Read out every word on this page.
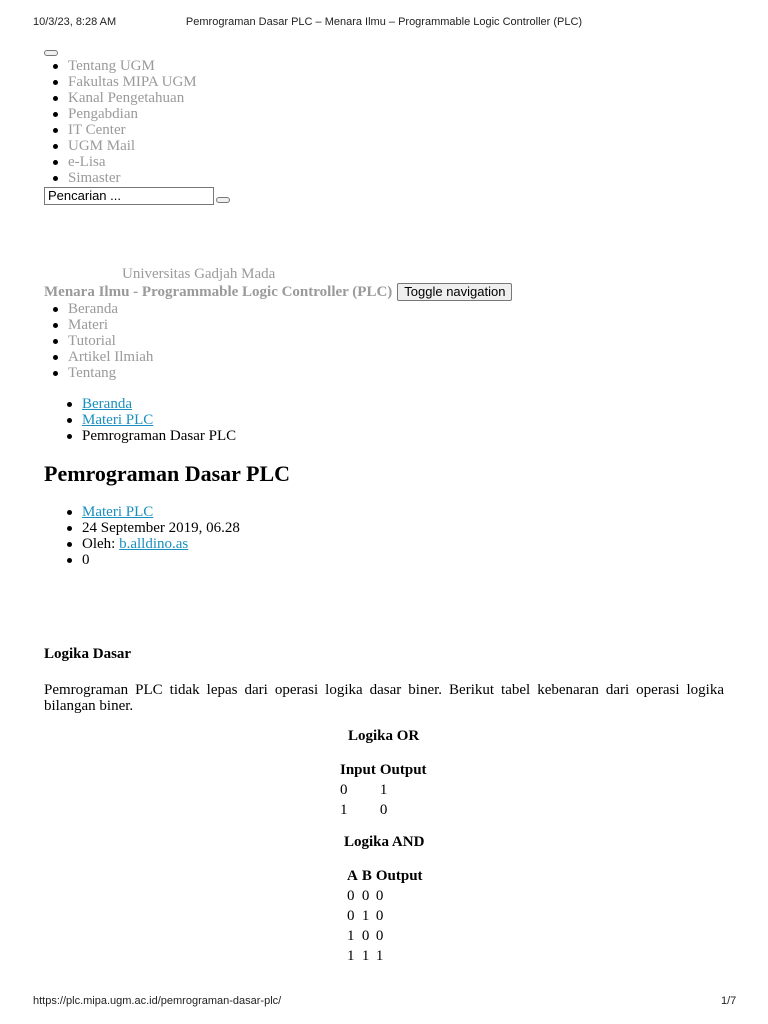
10/3/23, 8:28 AM	Pemrograman Dasar PLC – Menara Ilmu – Programmable Logic Controller (PLC)
Tentang UGM
Fakultas MIPA UGM
Kanal Pengetahuan
Pengabdian
IT Center
UGM Mail
e-Lisa
Simaster
Pencarian ...
Universitas Gadjah Mada
Menara Ilmu - Programmable Logic Controller (PLC) Toggle navigation
Beranda
Materi
Tutorial
Artikel Ilmiah
Tentang
Beranda
Materi PLC
Pemrograman Dasar PLC
Pemrograman Dasar PLC
Materi PLC
24 September 2019, 06.28
Oleh: b.alldino.as
0
Logika Dasar
Pemrograman PLC tidak lepas dari operasi logika dasar biner. Berikut tabel kebenaran dari operasi logika
bilangan biner.
Logika OR
Input	Output
0	1
1	0
Logika AND
A	B	Output
0	0	0
0	1	0
1	0	0
1	1	1
https://plc.mipa.ugm.ac.id/pemrograman-dasar-plc/	1/7
